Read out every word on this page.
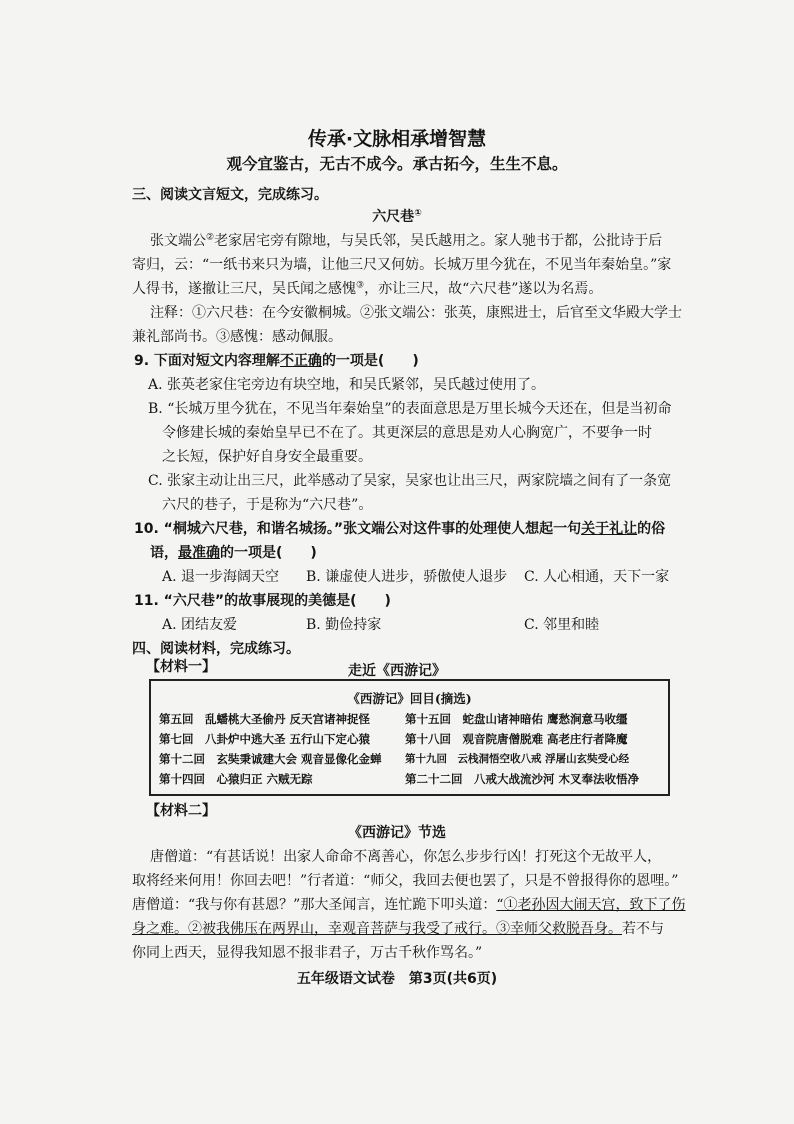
传承·文脉相承增智慧
观今宜鉴古，无古不成今。承古拓今，生生不息。
三、阅读文言短文，完成练习。
六尺巷①
张文端公②老家居宅旁有隙地，与吴氏邻，吴氏越用之。家人驰书于都，公批诗于后
寄归，云：“一纸书来只为墙，让他三尺又何妨。长城万里今犹在，不见当年秦始皇。”家
人得书，遂撤让三尺，吴氏闻之感愧③，亦让三尺，故“六尺巷”遂以为名焉。
注释：①六尺巷：在今安徽桐城。②张文端公：张英，康熙进士，后官至文华殿大学士
兼礼部尚书。③感愧：感动佩服。
9. 下面对短文内容理解不正确的一项是(　　)
A. 张英老家住宅旁边有块空地，和吴氏紧邻，吴氏越过使用了。
B. “长城万里今犹在，不见当年秦始皇”的表面意思是万里长城今天还在，但是当初命
令修建长城的秦始皇早已不在了。其更深层的意思是劝人心胸宽广，不要争一时
之长短，保护好自身安全最重要。
C. 张家主动让出三尺，此举感动了吴家，吴家也让出三尺，两家院墙之间有了一条宽
六尺的巷子，于是称为“六尺巷”。
10. “桐城六尺巷，和谐名城扬。”张文端公对这件事的处理使人想起一句关于礼让的俗
语，最准确的一项是(　　)
A. 退一步海阔天空 B. 谦虚使人进步，骄傲使人退步 C. 人心相通，天下一家
11. “六尺巷”的故事展现的美德是(　　)
A. 团结友爱	B. 勤俭持家	C. 邻里和睦
四、阅读材料，完成练习。
走近《西游记》
【材料一】
《西游记》回目(摘选)
第五回　 乱蟠桃大圣偷丹 反天宫诸神捉怪	第十五回　 蛇盘山诸神暗佑 鹰愁涧意马收缰
第七回　 八卦炉中逃大圣 五行山下定心猿	第十八回　 观音院唐僧脱难 高老庄行者降魔
第十二回　 玄奘秉诚建大会 观音显像化金蝉 第十九回　 云栈洞悟空收八戒 浮屠山玄奘受心经
第十四回　 心猿归正 六贼无踪	第二十二回　 八戒大战流沙河 木叉奉法收悟净
【材料二】
《西游记》节选
唐僧道：“有甚话说！出家人命命不离善心，你怎么步步行凶！打死这个无故平人，
取将经来何用！你回去吧！”行者道：“师父，我回去便也罢了，只是不曾报得你的恩哩。”
唐僧道：“我与你有甚恩？”那大圣闻言，连忙跪下叩头道：“①老孙因大闹天宫，致下了伤
身之难。②被我佛压在两界山，幸观音菩萨与我受了戒行。③幸师父救脱吾身。若不与
你同上西天，显得我知恩不报非君子，万古千秋作骂名。”
五年级语文试卷　第3页(共6页)
